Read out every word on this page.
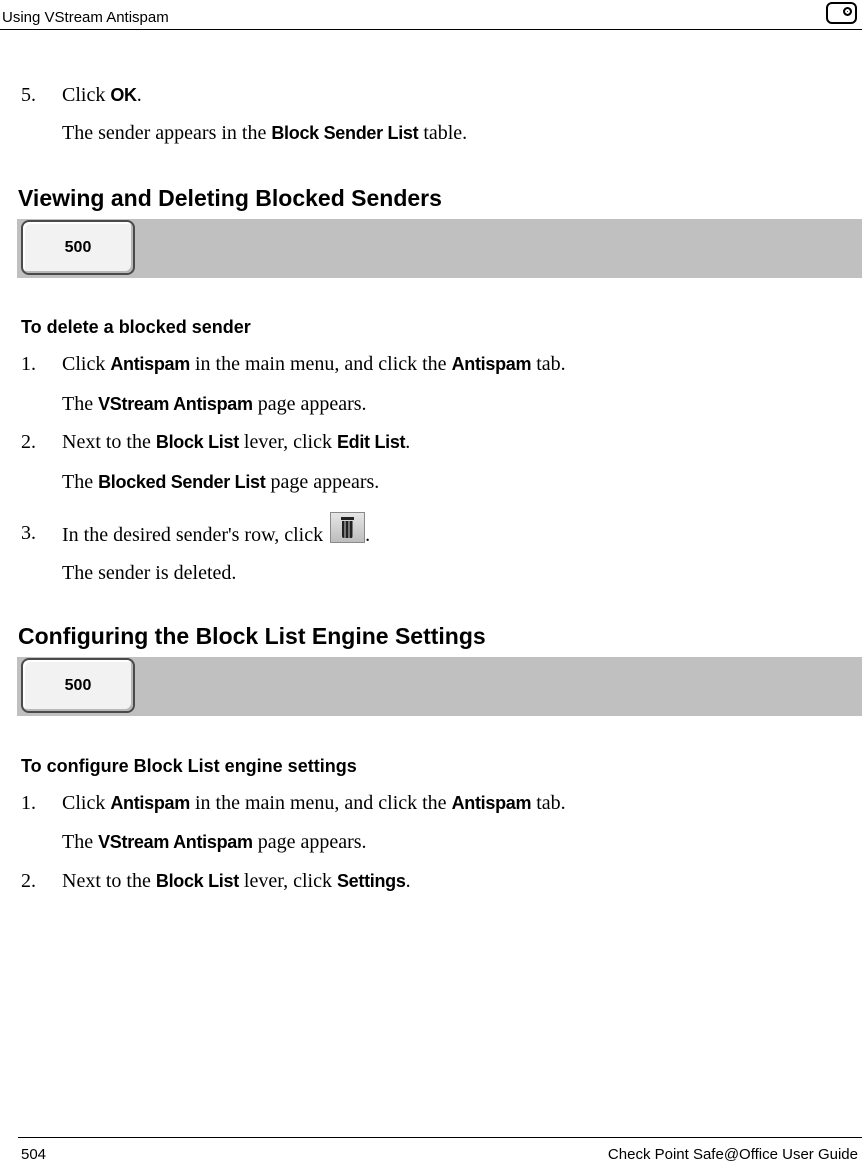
Using VStream Antispam
5. Click OK.
The sender appears in the Block Sender List table.
Viewing and Deleting Blocked Senders
500
To delete a blocked sender
1. Click Antispam in the main menu, and click the Antispam tab.
The VStream Antispam page appears.
2. Next to the Block List lever, click Edit List.
The Blocked Sender List page appears.
3. In the desired sender's row, click .
The sender is deleted.
Configuring the Block List Engine Settings
500
To configure Block List engine settings
1. Click Antispam in the main menu, and click the Antispam tab.
The VStream Antispam page appears.
2. Next to the Block List lever, click Settings.
504	Check Point Safe@Office User Guide
